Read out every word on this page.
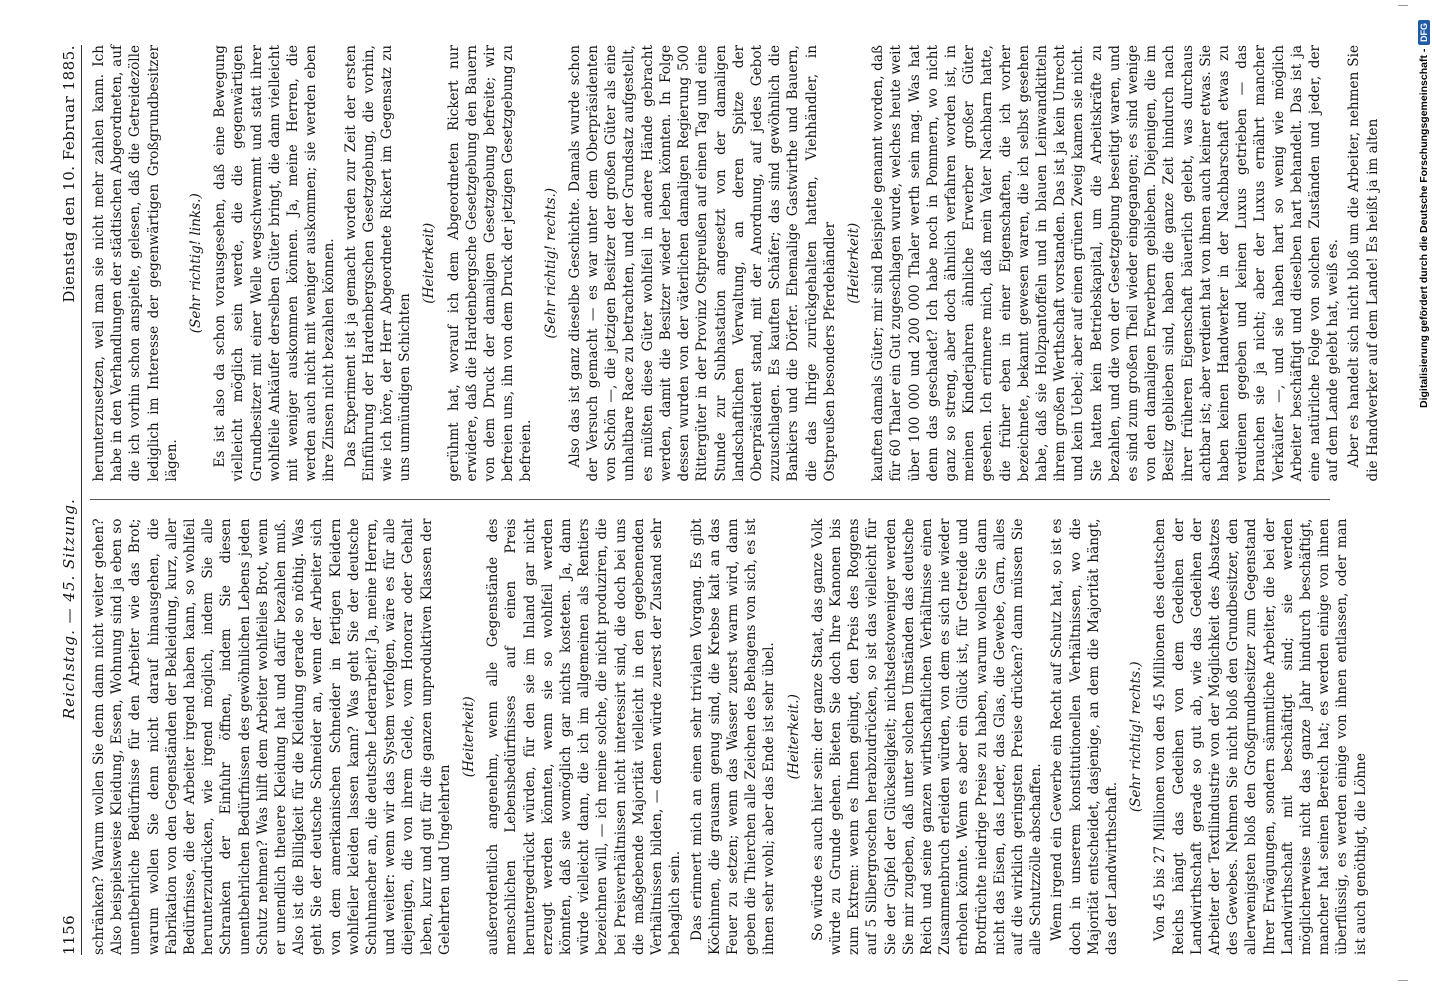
1156
Reichstag. — 45. Sitzung.
Dienstag den 10. Februar 1885.

schränken? Warum wollen Sie denn dann nicht weiter gehen? Also beispielsweise Kleidung, Essen, Wohnung sind ja eben so unentbehrliche Bedürfnisse für den Arbeiter wie das Brot; warum wollen Sie denn nicht darauf hinausgehen, die Fabrikation von den Gegenständen der Bekleidung, kurz, aller Bedürfnisse, die der Arbeiter irgend haben kann, so wohlfeil herunterzudrücken, wie irgend möglich, indem Sie alle Schranken der Einfuhr öffnen, indem Sie diesen unentbehrlichen Bedürfnissen des gewöhnlichen Lebens jeden Schutz nehmen? Was hilft dem Arbeiter wohlfeiles Brot, wenn er unendlich theuere Kleidung hat und dafür bezahlen muß. Also ist die Billigkeit für die Kleidung gerade so nöthig. Was geht Sie der deutsche Schneider an, wenn der Arbeiter sich von dem amerikanischen Schneider in fertigen Kleidern wohlfeiler kleiden lassen kann? Was geht Sie der deutsche Schuhmacher an, die deutsche Lederarbeit? Ja, meine Herren, und weiter: wenn wir das System verfolgen, wäre es für alle diejenigen, die von ihrem Gelde, vom Honorar oder Gehalt leben, kurz und gut für die ganzen unproduktiven Klassen der Gelehrten und Ungelehrten

(Heiterkeit) außerordentlich angenehm, wenn alle Gegenstände des menschlichen Lebensbedürfnisses auf einen Preis heruntergedrückt würden, für den sie im Inland gar nicht erzeugt werden könnten, wenn sie so wohlfeil werden könnten, daß sie womöglich gar nichts kosteten. Ja, dann würde vielleicht dann, die ich im allgemeinen als Rentiers bezeichnen will, — ich meine solche, die nicht produziren, die bei Preisverhältnissen nicht interessirt sind, die doch bei uns die maßgebende Majorität vielleicht in den gegebenenden Verhältnissen bilden, — denen würde zuerst der Zustand sehr behaglich sein. Das erinnert mich an einen sehr trivialen Vorgang. Es gibt Köchinnen, die grausam genug sind, die Krebse kalt an das Feuer zu setzen; wenn das Wasser zuerst warm wird, dann geben die Thierchen alle Zeichen des Behagens von sich, es ist ihnen sehr wohl; aber das Ende ist sehr übel. (Heiterkeit.) So würde es auch hier sein: der ganze Staat, das ganze Volk würde zu Grunde gehen. Bieten Sie doch Ihre Kanonen bis zum Extrem: wenn es Ihnen gelingt, den Preis des Roggens auf 5 Silbergroschen herabzudrücken, so ist das vielleicht für Sie der Gipfel der Glückseligkeit; nichtsdestoweniger werden Sie mir zugeben, daß unter solchen Umständen das deutsche Reich und seine ganzen wirthschaftlichen Verhältnisse einen Zusammenbruch erleiden würden, von dem es sich nie wieder erholen könnte. Wenn es aber ein Glück ist, für Getreide und Brotfrüchte niedrige Preise zu haben, warum wollen Sie dann nicht das Eisen, das Leder, das Glas, die Gewebe, Garn, alles auf die wirklich geringsten Preise drücken? dann müssen Sie alle Schutzzölle abschaffen. Wenn irgend ein Gewerbe ein Recht auf Schutz hat, so ist es doch in unserem konstitutionellen Verhältnissen, wo die Majorität entscheidet, dasjenige, an dem die Majorität hängt, das der Landwirthschaft.

(Sehr richtig! rechts.) Von 45 bis 27 Millionen von den 45 Millionen des deutschen Reichs hängt das Gedeihen von dem Gedeihen der Landwirthschaft gerade so gut ab, wie das Gedeihen der Arbeiter der Textilindustrie von der Möglichkeit des Absatzes des Gewebes. Nehmen Sie nicht bloß den Grundbesitzer, den allerwenigsten bloß den Großgrundbesitzer zum Gegenstand Ihrer Erwägungen, sondern sämmtliche Arbeiter, die bei der Landwirthschaft mit beschäftigt sind; sie werden möglicherweise nicht das ganze Jahr hindurch beschäftigt, mancher hat seinen Bereich hat; es werden einige von ihnen überflüssig, es werden einige von ihnen entlassen, oder man ist auch genöthigt, die Löhne

herunterzusetzen, weil man sie nicht mehr zahlen kann. Ich habe in den Verhandlungen der städtischen Abgeordneten, auf die ich vorhin schon anspielte, gelesen, daß die Getreidezölle lediglich im Interesse der gegenwärtigen Großgrundbesitzer lägen.

(Sehr richtig! links.) Es ist also da schon vorausgesehen, daß eine Bewegung vielleicht möglich sein werde, die die gegenwärtigen Grundbesitzer mit einer Welle wegschwemmt und statt ihrer wohlfeile Ankäufer derselben Güter bringt, die dann vielleicht mit weniger auskommen können. Ja, meine Herren, die werden auch nicht mit weniger auskommen; sie werden eben ihre Zinsen nicht bezahlen können. Das Experiment ist ja gemacht worden zur Zeit der ersten Einführung der Hardenbergschen Gesetzgebung, die vorhin, wie ich höre, der Herr Abgeordnete Rickert im Gegensatz zu uns unmündigen Schichten

(Heiterkeit) gerühmt hat, worauf ich dem Abgeordneten Rickert nur erwidere, daß die Hardenbergsche Gesetzgebung den Bauern von dem Druck der damaligen Gesetzgebung befreite; wir befreien uns, ihn von dem Druck der jetzigen Gesetzgebung zu befreien.

(Sehr richtig! rechts.) Also das ist ganz dieselbe Geschichte. Damals wurde schon der Versuch gemacht — es war unter dem Oberpräsidenten von Schön —, die jetzigen Besitzer der großen Güter als eine unhaltbare Race zu betrachten, und der Grundsatz aufgestellt, es müßten diese Güter wohlfeil in andere Hände gebracht werden, damit die Besitzer wieder leben könnten. In Folge dessen wurden von der väterlichen damaligen Regierung 500 Rittergüter in der Provinz Ostpreußen auf einen Tag und eine Stunde zur Subhastation angesetzt von der damaligen landschaftlichen Verwaltung, an deren Spitze der Oberpräsident stand, mit der Anordnung, auf jedes Gebot zuzuschlagen. Es kauften Schäfer; das sind gewöhnlich die Bankiers und die Dörfer. Ehemalige Gastwirthe und Bauern, die das Ihrige zurückgehalten hatten, Viehhändler, in Ostpreußen besonders Pferdehändler (Heiterkeit) kauften damals Güter; mir sind Beispiele genannt worden, daß für 60 Thaler ein Gut zugeschlagen wurde, welches heute weit über 100 000 und 200 000 Thaler werth sein mag. Was hat denn das geschadet? Ich habe noch in Pommern, wo nicht ganz so streng, aber doch ähnlich verfahren worden ist, in meinen Kinderjahren ähnliche Erwerber großer Güter gesehen. Ich erinnere mich, daß mein Vater Nachbarn hatte, die früher eben in einer Eigenschaften, die ich vorher bezeichnete, bekannt gewesen waren, die ich selbst gesehen habe, daß sie Holzpantoffeln und in blauen Leinwandkitteln ihrem großen Werthschaft vorstanden. Das ist ja kein Unrecht und kein Uebel; aber auf einen grünen Zweig kamen sie nicht. Sie hatten kein Betriebskapital, um die Arbeitskräfte zu bezahlen, und die von der Gesetzgebung beseitigt waren, und es sind zum großen Theil wieder eingegangen; es sind wenige von den damaligen Erwerbern geblieben. Diejenigen, die im Besitz geblieben sind, haben die ganze Zeit hindurch nach ihrer früheren Eigenschaft bäuerlich gelebt, was durchaus achtbar ist; aber verdient hat von ihnen auch keiner etwas. Sie haben keinen Handwerker in der Nachbarschaft etwas zu verdienen gegeben und keinen Luxus getrieben — das brauchen sie ja nicht; aber der Luxus ernährt mancher Verkäufer —, und sie haben hart so wenig wie möglich Arbeiter beschäftigt und dieselben hart behandelt. Das ist ja eine natürliche Folge von solchen Zuständen und jeder, der auf dem Lande gelebt hat, weiß es. Aber es handelt sich nicht bloß um die Arbeiter, nehmen Sie die Handwerker auf dem Lande! Es heißt ja im alten	Digitalisierung gefördert durch die Deutsche Forschungsgemeinschaft -
DFG
